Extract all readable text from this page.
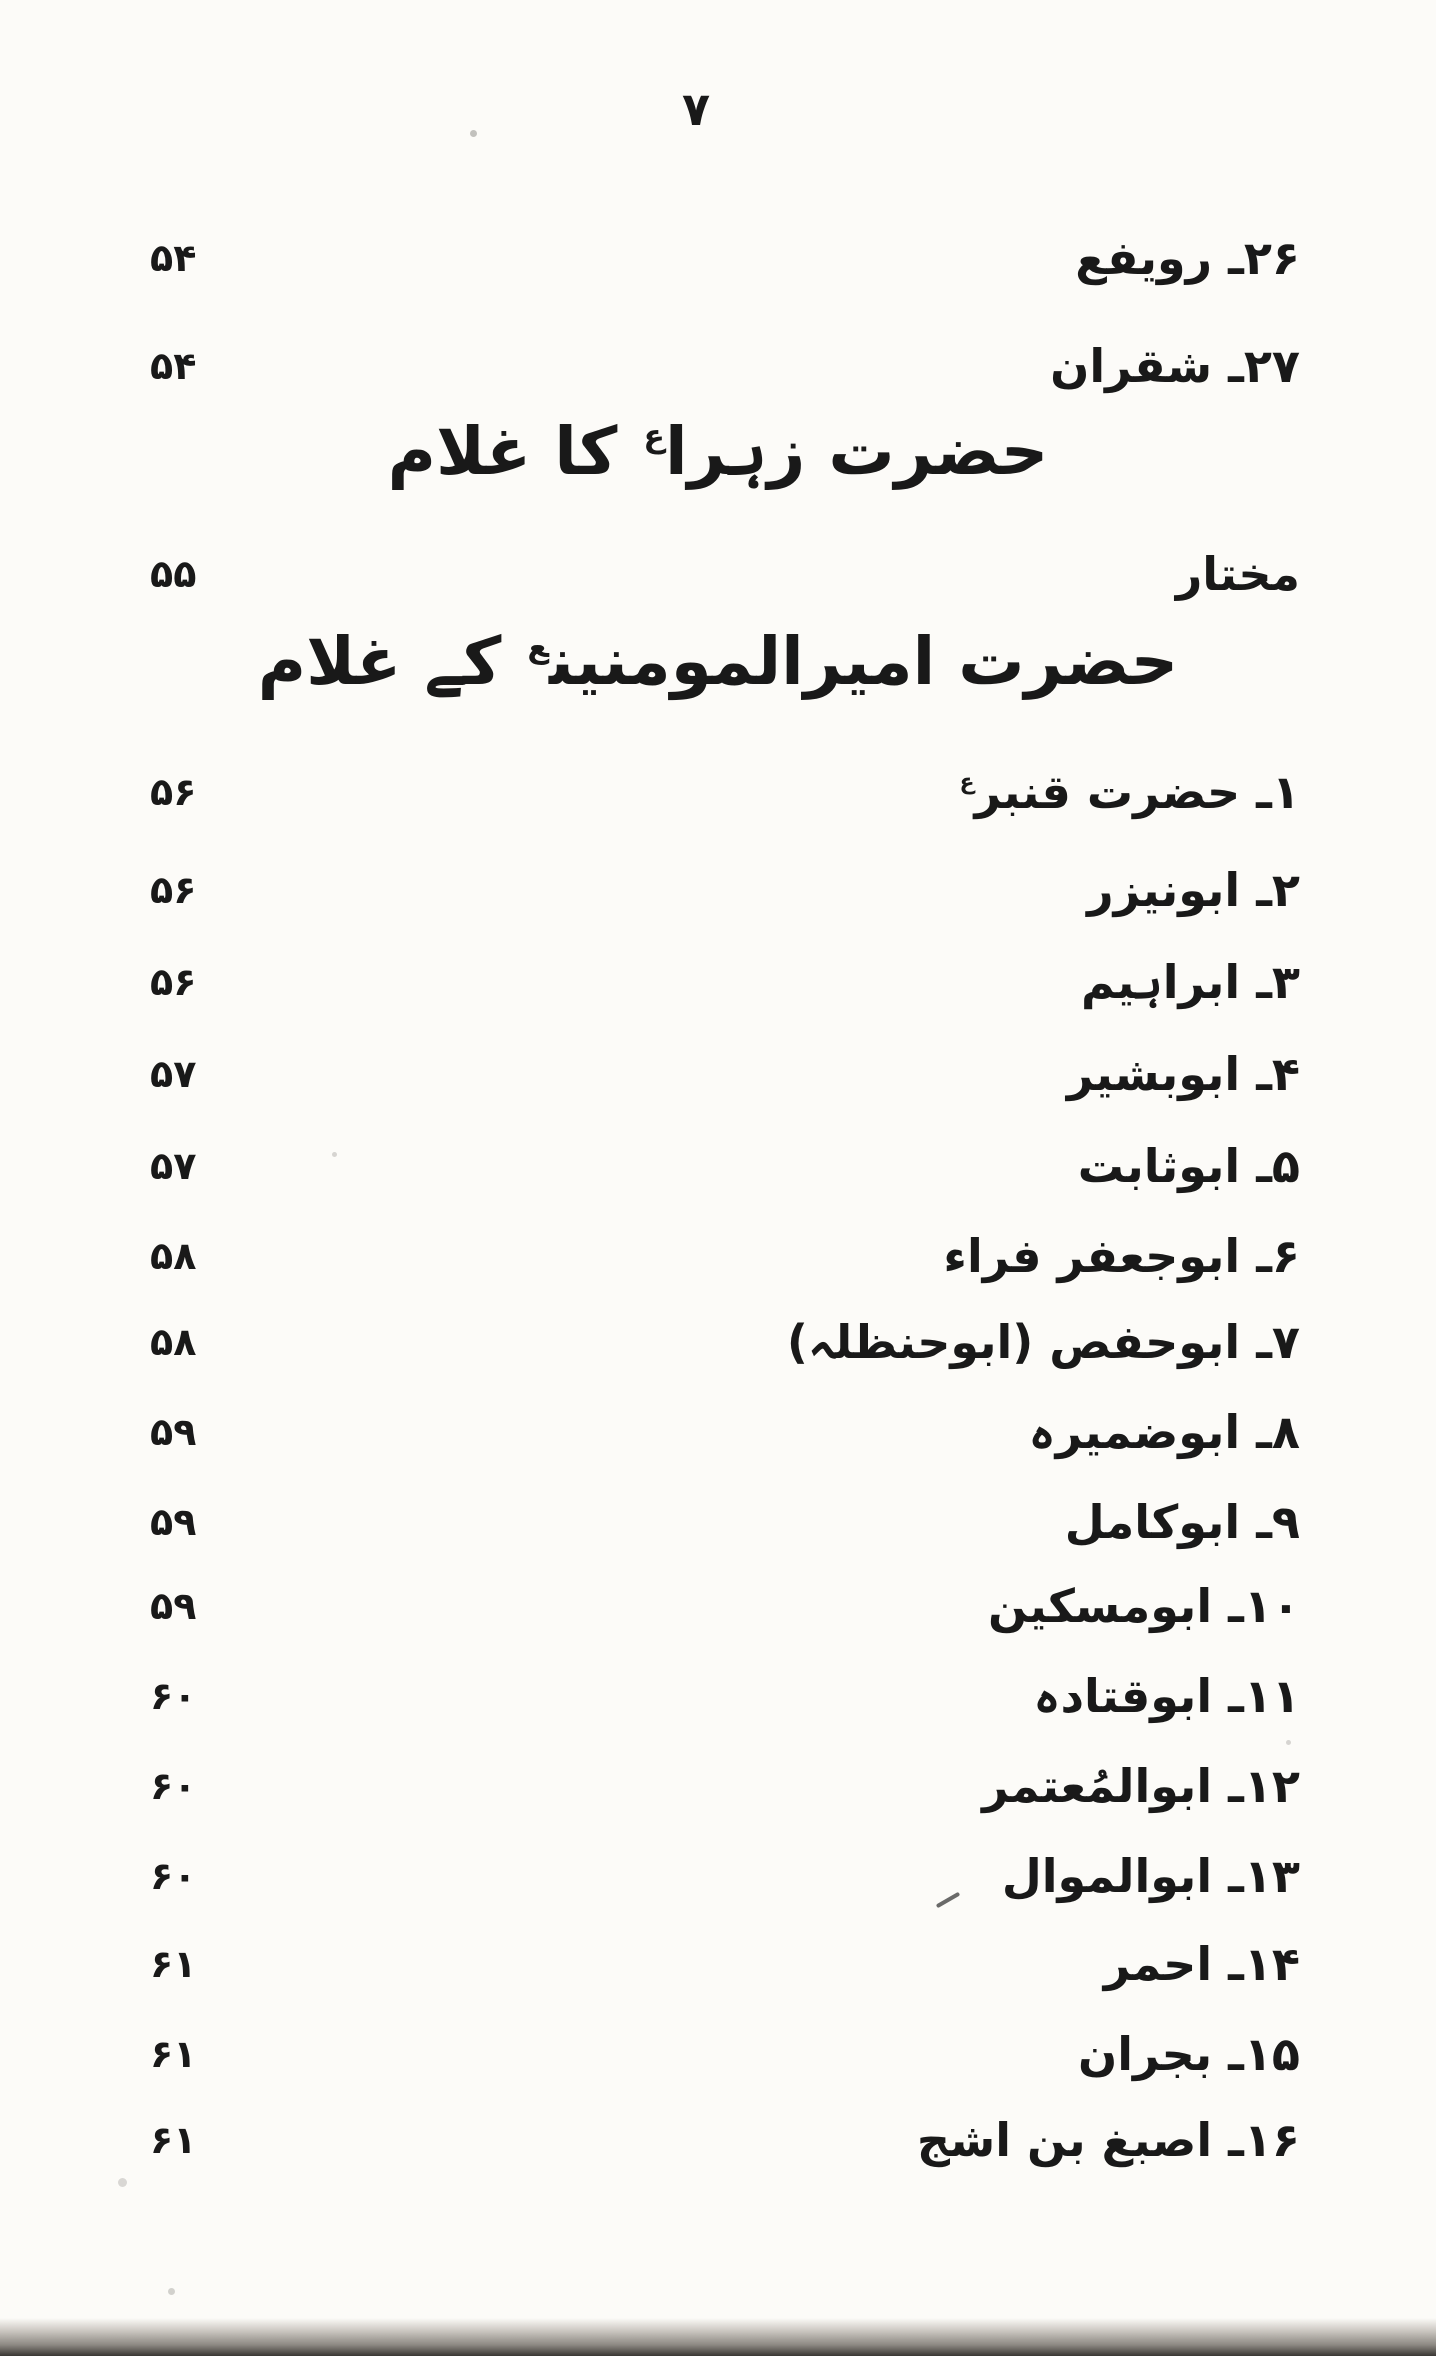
۷
۲۶ـ رویفع
۵۴
۲۷ـ شقران
۵۴
حضرت زہرا$^ع$ کا غلام
مختار
۵۵
حضرت امیرالمومنین$^ع$ کے غلام
۱ـ حضرت قنبر$^ع$
۵۶
۲ـ ابونیزر
۵۶
۳ـ ابراہیم
۵۶
۴ـ ابوبشیر
۵۷
۵ـ ابوثابت
۵۷
۶ـ ابوجعفر فراء
۵۸
۷ـ ابوحفص (ابوحنظلہ)
۵۸
۸ـ ابوضمیرہ
۵۹
۹ـ ابوکامل
۵۹
۱۰ـ ابومسکین
۵۹
۱۱ـ ابوقتادہ
۶۰
۱۲ـ ابوالمُعتمر
۶۰
۱۳ـ ابوالموال
۶۰
۱۴ـ احمر
۶۱
۱۵ـ بجران
۶۱
۱۶ـ اصبغ بن اشج
۶۱
